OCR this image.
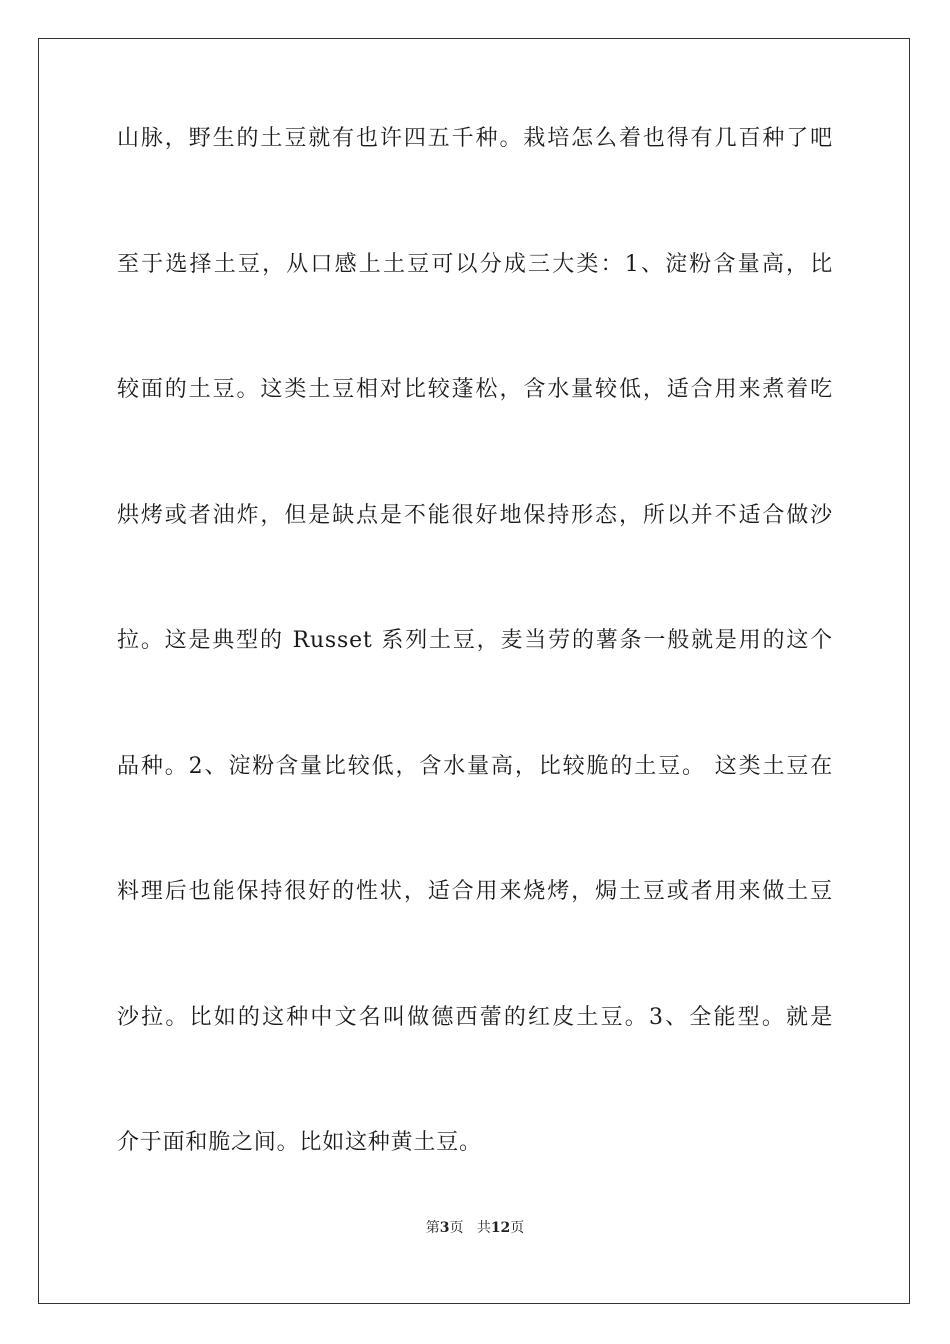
山脉，野生的土豆就有也许四五千种。栽培怎么着也得有几百种了吧
至于选择土豆，从口感上土豆可以分成三大类：1、淀粉含量高，比
较面的土豆。这类土豆相对比较蓬松，含水量较低，适合用来煮着吃
烘烤或者油炸，但是缺点是不能很好地保持形态，所以并不适合做沙
拉。这是典型的 Russet 系列土豆，麦当劳的薯条一般就是用的这个
品种。2、淀粉含量比较低，含水量高，比较脆的土豆。 这类土豆在
料理后也能保持很好的性状，适合用来烧烤，焗土豆或者用来做土豆
沙拉。比如的这种中文名叫做德西蕾的红皮土豆。3、全能型。就是
介于面和脆之间。比如这种黄土豆。
第3页 共12页
